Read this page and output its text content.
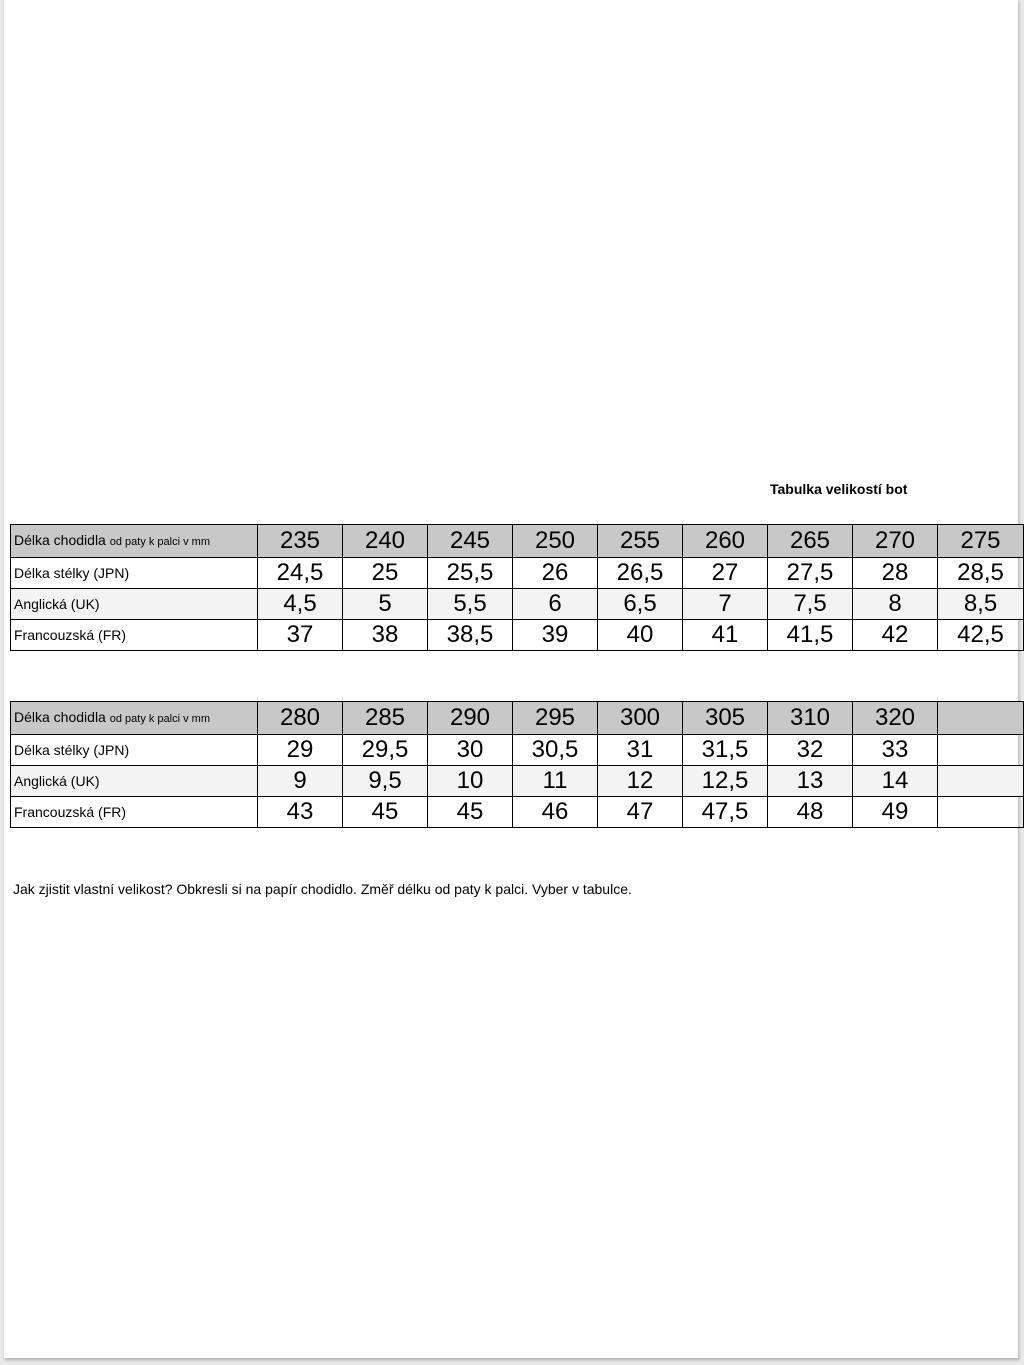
Tabulka velikostí bot
Délka chodidla od paty k palci v mm	235	240	245	250	255	260	265	270	275
Délka stélky (JPN)	24,5	25	25,5	26	26,5	27	27,5	28	28,5
Anglická (UK)	4,5	5	5,5	6	6,5	7	7,5	8	8,5
Francouzská (FR)	37	38	38,5	39	40	41	41,5	42	42,5
Délka chodidla od paty k palci v mm	280	285	290	295	300	305	310	320	
Délka stélky (JPN)	29	29,5	30	30,5	31	31,5	32	33	
Anglická (UK)	9	9,5	10	11	12	12,5	13	14	
Francouzská (FR)	43	45	45	46	47	47,5	48	49	
Jak zjistit vlastní velikost? Obkresli si na papír chodidlo. Změř délku od paty k palci. Vyber v tabulce.
